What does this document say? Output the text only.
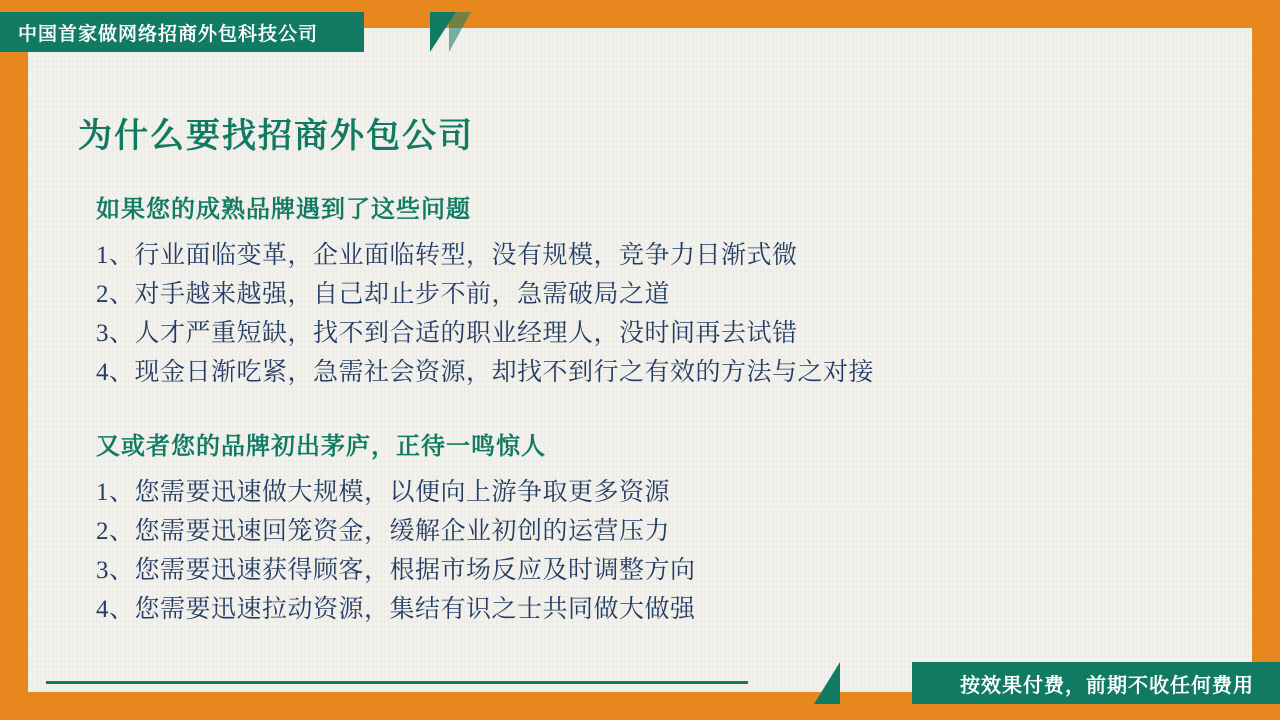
中国首家做网络招商外包科技公司
为什么要找招商外包公司
如果您的成熟品牌遇到了这些问题
1、行业面临变革，企业面临转型，没有规模，竞争力日渐式微
2、对手越来越强，自己却止步不前，急需破局之道
3、人才严重短缺，找不到合适的职业经理人，没时间再去试错
4、现金日渐吃紧，急需社会资源，却找不到行之有效的方法与之对接
又或者您的品牌初出茅庐，正待一鸣惊人
1、您需要迅速做大规模，以便向上游争取更多资源
2、您需要迅速回笼资金，缓解企业初创的运营压力
3、您需要迅速获得顾客，根据市场反应及时调整方向
4、您需要迅速拉动资源，集结有识之士共同做大做强
按效果付费，前期不收任何费用
